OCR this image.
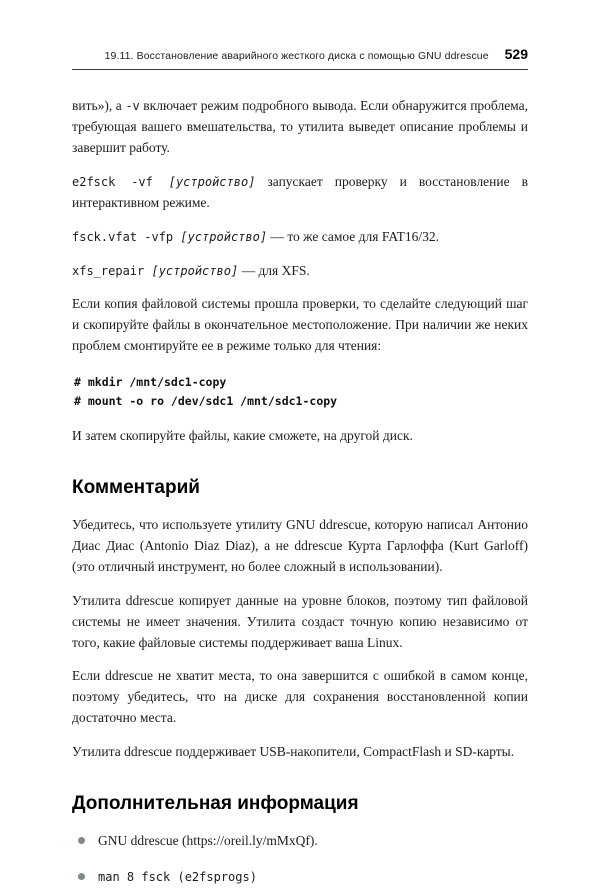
19.11. Восстановление аварийного жесткого диска с помощью GNU ddrescue 529

вить»), а -v включает режим подробного вывода. Если обнаружится проблема, требующая вашего вмешательства, то утилита выведет описание проблемы и завершит работу.

e2fsck -vf [устройство] запускает проверку и восстановление в интерактивном режиме.

fsck.vfat -vfp [устройство] — то же самое для FAT16/32.

xfs_repair [устройство] — для XFS.

Если копия файловой системы прошла проверки, то сделайте следующий шаг и скопируйте файлы в окончательное местоположение. При наличии же неких проблем смонтируйте ее в режиме только для чтения:

# mkdir /mnt/sdc1-copy
# mount -o ro /dev/sdc1 /mnt/sdc1-copy

И затем скопируйте файлы, какие сможете, на другой диск.

Комментарий

Убедитесь, что используете утилиту GNU ddrescue, которую написал Антонио Диас Диас (Antonio Diaz Diaz), а не ddrescue Курта Гарлоффа (Kurt Garloff) (это отличный инструмент, но более сложный в использовании).

Утилита ddrescue копирует данные на уровне блоков, поэтому тип файловой системы не имеет значения. Утилита создаст точную копию независимо от того, какие файловые системы поддерживает ваша Linux.

Если ddrescue не хватит места, то она завершится с ошибкой в самом конце, поэтому убедитесь, что на диске для сохранения восстановленной копии достаточно места.

Утилита ddrescue поддерживает USB-накопители, CompactFlash и SD-карты.

Дополнительная информация
GNU ddrescue (https://oreil.ly/mMxQf).
man 8 fsck (e2fsprogs)
